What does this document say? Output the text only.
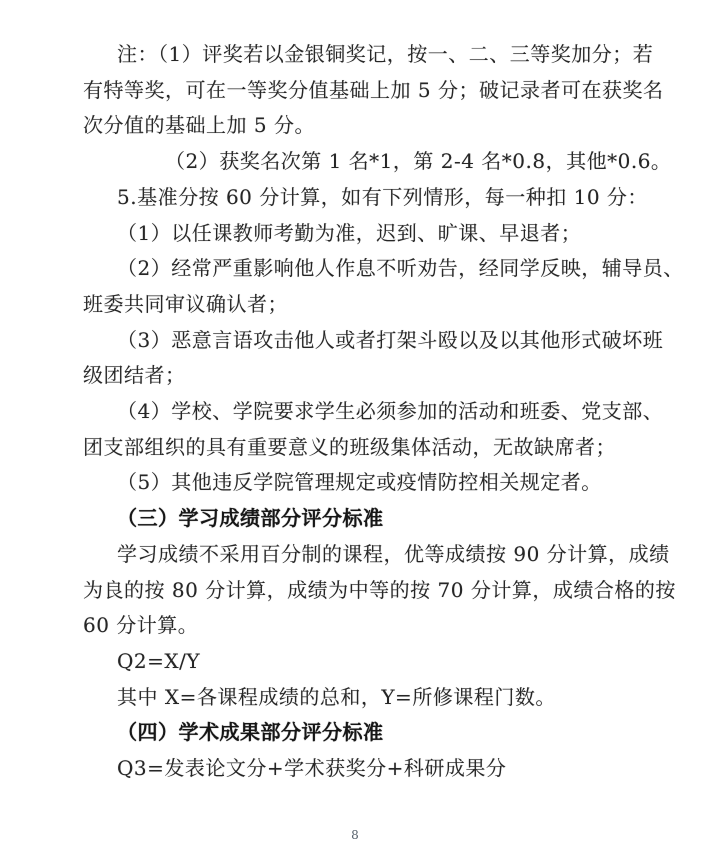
注：（1）评奖若以金银铜奖记，按一、二、三等奖加分；若
有特等奖，可在一等奖分值基础上加 5 分；破记录者可在获奖名
次分值的基础上加 5 分。
（2）获奖名次第 1 名*1，第 2-4 名*0.8，其他*0.6。
5.基准分按 60 分计算，如有下列情形，每一种扣 10 分：
（1）以任课教师考勤为准，迟到、旷课、早退者；
（2）经常严重影响他人作息不听劝告，经同学反映，辅导员、
班委共同审议确认者；
（3）恶意言语攻击他人或者打架斗殴以及以其他形式破坏班
级团结者；
（4）学校、学院要求学生必须参加的活动和班委、党支部、
团支部组织的具有重要意义的班级集体活动，无故缺席者；
（5）其他违反学院管理规定或疫情防控相关规定者。
（三）学习成绩部分评分标准
学习成绩不采用百分制的课程，优等成绩按 90 分计算，成绩
为良的按 80 分计算，成绩为中等的按 70 分计算，成绩合格的按
60 分计算。
Q2=X/Y
其中 X=各课程成绩的总和，Y=所修课程门数。
（四）学术成果部分评分标准
Q3=发表论文分+学术获奖分+科研成果分
8
